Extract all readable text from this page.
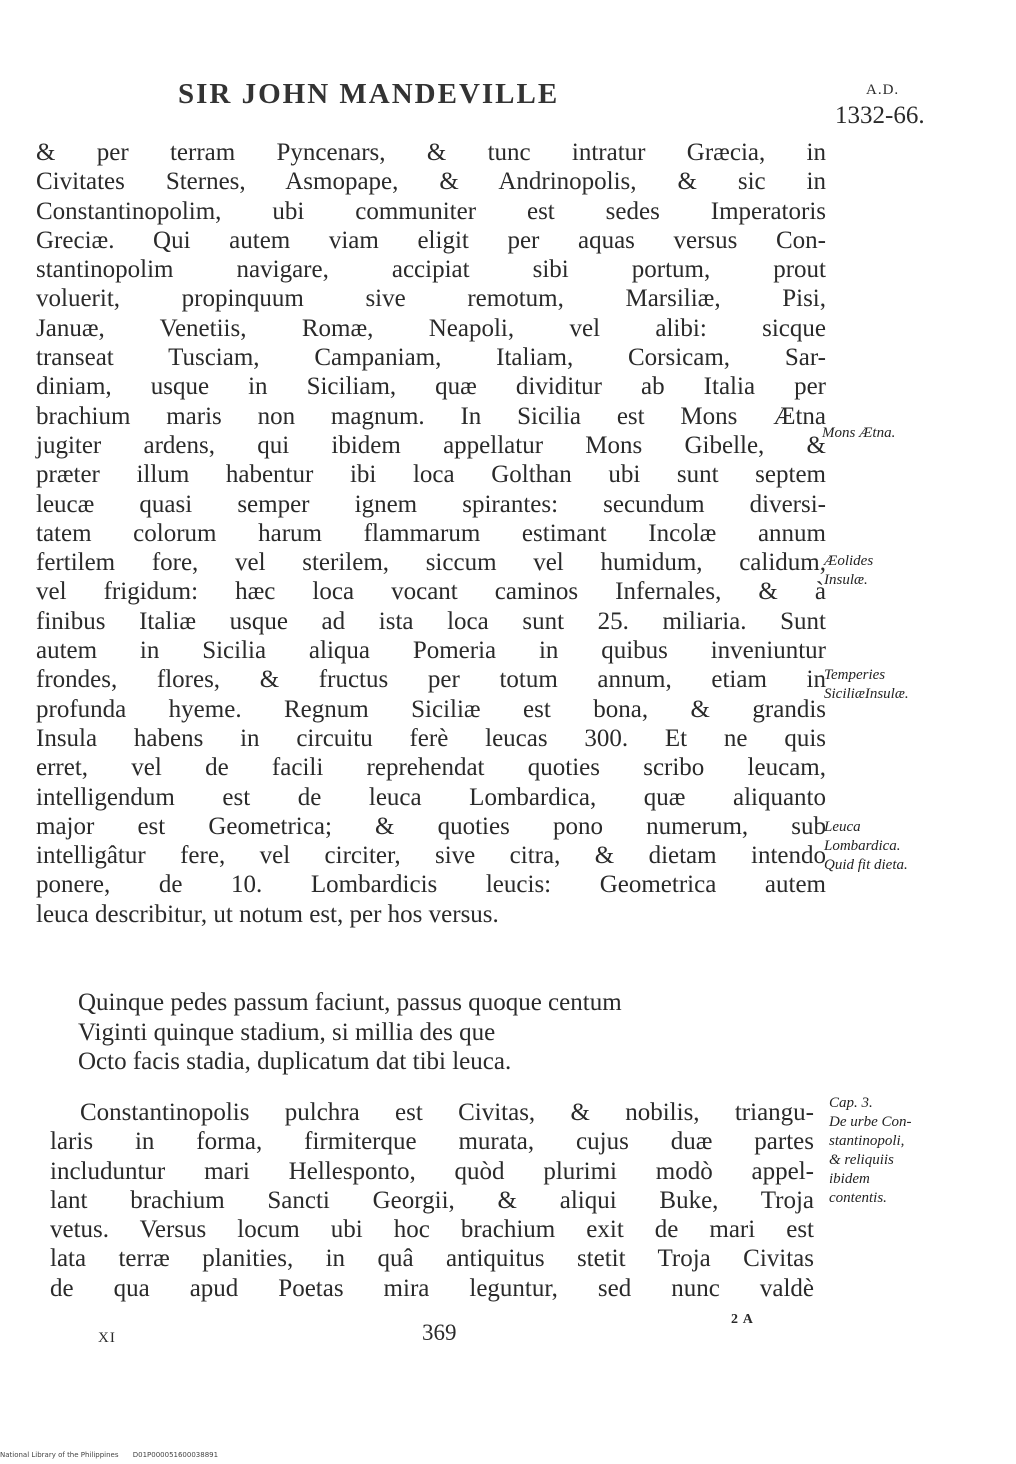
SIR JOHN MANDEVILLE	A.D.
1332-66.
& per terram Pyncenars, & tunc intratur Græcia, in
Civitates Sternes, Asmopape, & Andrinopolis, & sic in
Constantinopolim, ubi communiter est sedes Imperatoris
Greciæ. Qui autem viam eligit per aquas versus Con-
stantinopolim navigare, accipiat sibi portum, prout
voluerit, propinquum sive remotum, Marsiliæ, Pisi,
Januæ, Venetiis, Romæ, Neapoli, vel alibi: sicque
transeat Tusciam, Campaniam, Italiam, Corsicam, Sar-
diniam, usque in Siciliam, quæ dividitur ab Italia per
brachium maris non magnum. In Sicilia est Mons Ætna
jugiter ardens, qui ibidem appellatur Mons Gibelle, &
præter illum habentur ibi loca Golthan ubi sunt septem
leucæ quasi semper ignem spirantes: secundum diversi-
tatem colorum harum flammarum estimant Incolæ annum
fertilem fore, vel sterilem, siccum vel humidum, calidum,
vel frigidum: hæc loca vocant caminos Infernales, & à
finibus Italiæ usque ad ista loca sunt 25. miliaria. Sunt
autem in Sicilia aliqua Pomeria in quibus inveniuntur
frondes, flores, & fructus per totum annum, etiam in
profunda hyeme. Regnum Siciliæ est bona, & grandis
Insula habens in circuitu ferè leucas 300. Et ne quis
erret, vel de facili reprehendat quoties scribo leucam,
intelligendum est de leuca Lombardica, quæ aliquanto
major est Geometrica; & quoties pono numerum, sub
intelligâtur fere, vel circiter, sive citra, & dietam intendo
ponere, de 10. Lombardicis leucis: Geometrica autem
leuca describitur, ut notum est, per hos versus.
Quinque pedes passum faciunt, passus quoque centum
Viginti quinque stadium, si millia des que
Octo facis stadia, duplicatum dat tibi leuca.
Constantinopolis pulchra est Civitas, & nobilis, triangu-
laris in forma, firmiterque murata, cujus duæ partes
includuntur mari Hellesponto, quòd plurimi modò appel-
lant brachium Sancti Georgii, & aliqui Buke, Troja
vetus. Versus locum ubi hoc brachium exit de mari est
lata terræ planities, in quâ antiquitus stetit Troja Civitas
de qua apud Poetas mira leguntur, sed nunc valdè
Mons Ætna.
Æolides
Insulæ.
Temperies
SiciliæInsulæ.
Leuca
Lombardica.
Quid fit dieta.
Cap. 3.
De urbe Con-
stantinopoli,
& reliquiis
ibidem
contentis.
XI	369
2 A
National Library of the Philippines D01P000051600038891
